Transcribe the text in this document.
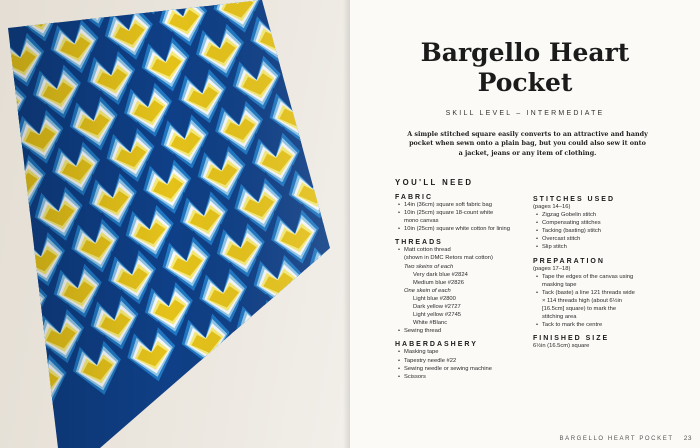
Bargello Heart
Pocket
SKILL LEVEL – INTERMEDIATE

A simple stitched square easily converts to an attractive and handy
pocket when sewn onto a plain bag, but you could also sew it onto
a jacket, jeans or any item of clothing.

YOU'LL NEED
FABRIC
• 14in (36cm) square soft fabric bag
• 10in (25cm) square 18-count white
mono canvas
• 10in (25cm) square white cotton for lining
THREADS
• Matt cotton thread
(shown in DMC Retors mat cotton)
Two skeins of each
Very dark blue #2824
Medium blue #2826
One skein of each
Light blue #2800
Dark yellow #2727
Light yellow #2745
White #Blanc
• Sewing thread
HABERDASHERY
• Masking tape
• Tapestry needle #22
• Sewing needle or sewing machine
• Scissors
STITCHES USED
(pages 14–16)
• Zigzag Gobelin stitch
• Compensating stitches
• Tacking (basting) stitch
• Overcast stitch
• Slip stitch
PREPARATION
(pages 17–18)
• Tape the edges of the canvas using
masking tape
• Tack (baste) a line 121 threads wide
× 114 threads high (about 6½in
[16.5cm] square) to mark the
stitching area
• Tack to mark the centre
FINISHED SIZE
6½in (16.5cm) square
BARGELLO HEART POCKET 23
